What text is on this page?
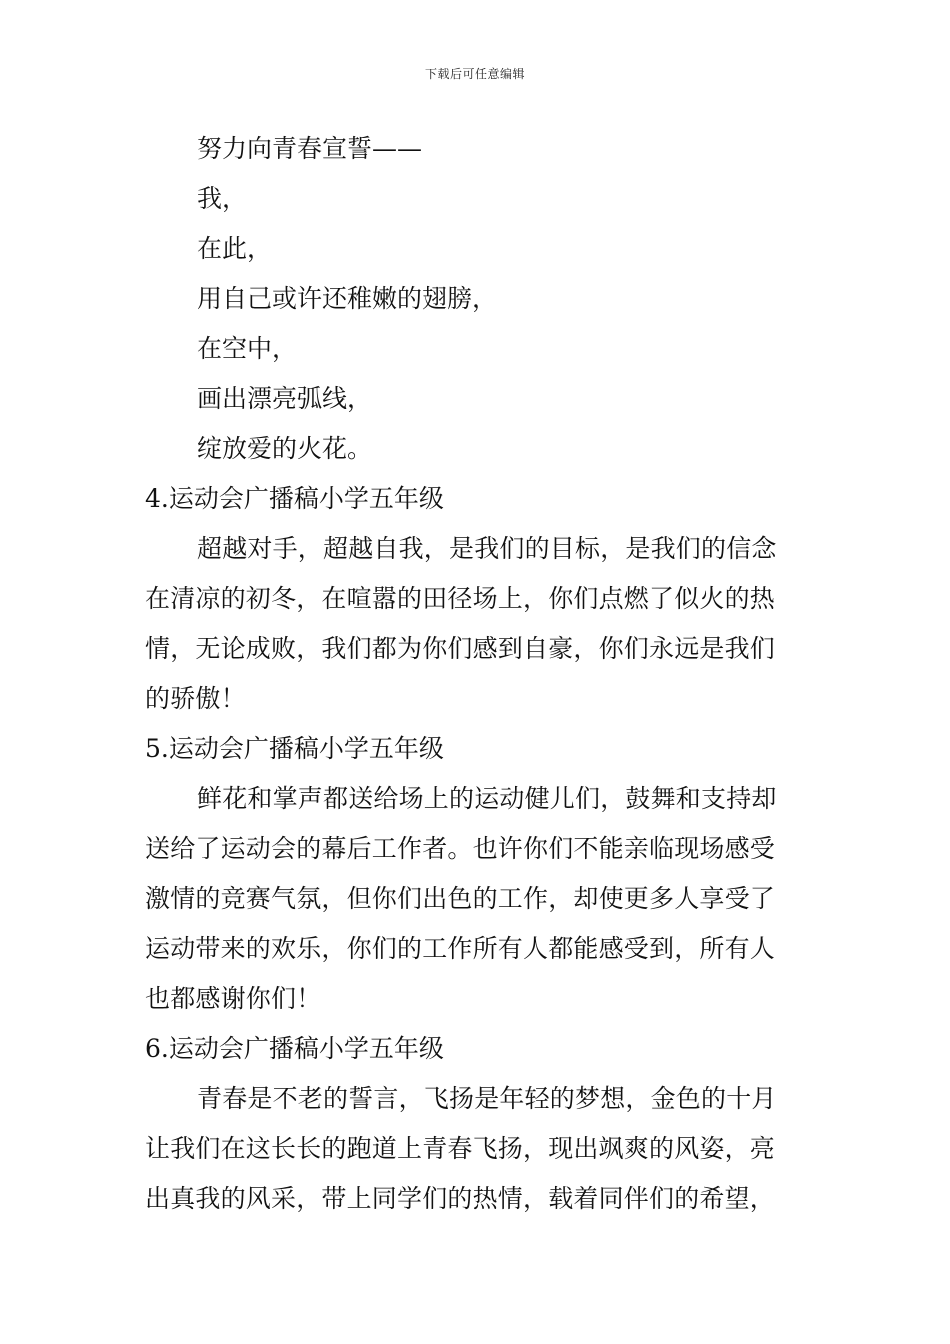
下载后可任意编辑
努力向青春宣誓——
我，
在此，
用自己或许还稚嫩的翅膀，
在空中，
画出漂亮弧线，
绽放爱的火花。
4.运动会广播稿小学五年级
超越对手，超越自我，是我们的目标，是我们的信念
在清凉的初冬，在喧嚣的田径场上，你们点燃了似火的热
情，无论成败，我们都为你们感到自豪，你们永远是我们
的骄傲！
5.运动会广播稿小学五年级
鲜花和掌声都送给场上的运动健儿们，鼓舞和支持却
送给了运动会的幕后工作者。也许你们不能亲临现场感受
激情的竞赛气氛，但你们出色的工作，却使更多人享受了
运动带来的欢乐，你们的工作所有人都能感受到，所有人
也都感谢你们！
6.运动会广播稿小学五年级
青春是不老的誓言，飞扬是年轻的梦想，金色的十月
让我们在这长长的跑道上青春飞扬，现出飒爽的风姿，亮
出真我的风采，带上同学们的热情，载着同伴们的希望，
